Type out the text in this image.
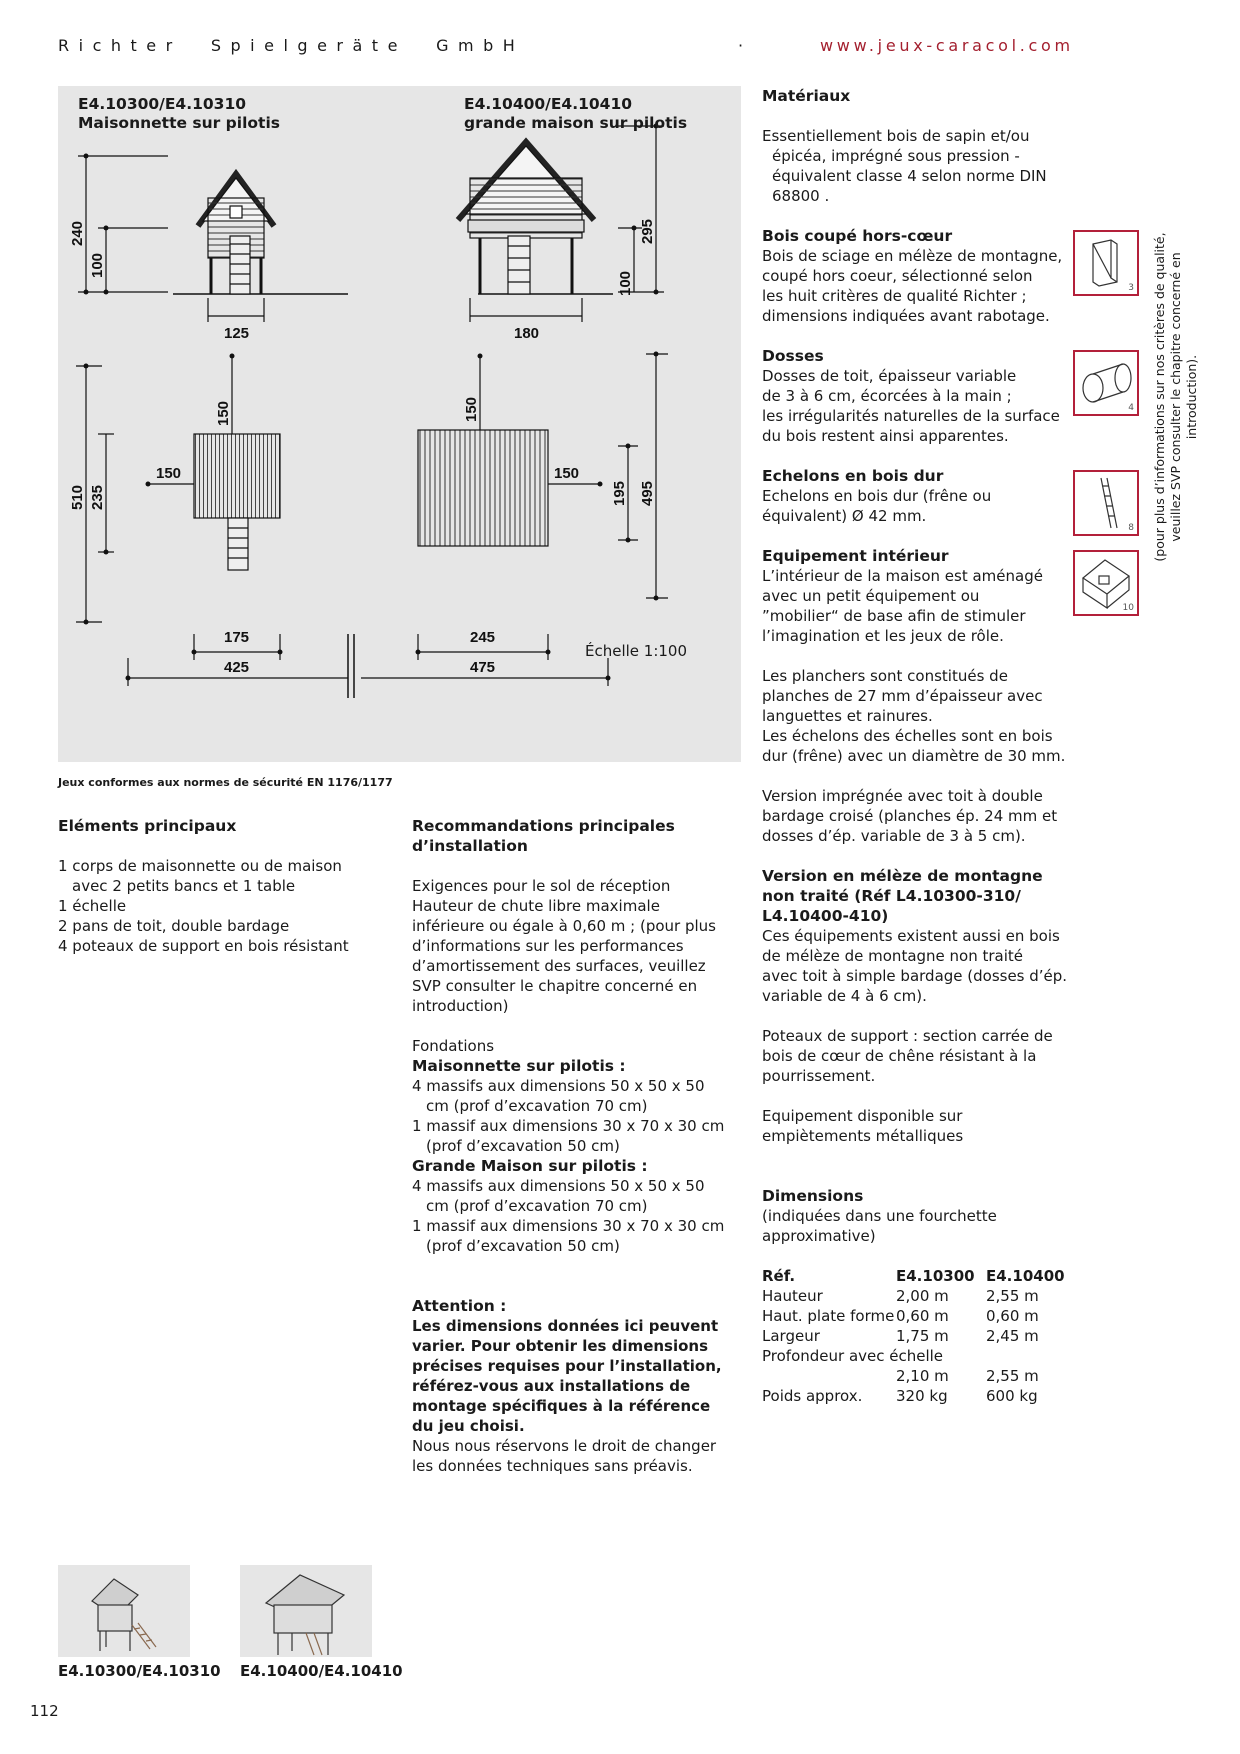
Richter  Spielgeräte  GmbH	·	www.jeux-caracol.com
240
100
125	180
295
100
150	150
150	150
510 235	195 495
175	245
425	475
E4.10300/E4.10310
Maisonnette sur pilotis
E4.10400/E4.10410
grande maison sur pilotis
Échelle 1:100
Jeux conformes aux normes de sécurité EN 1176/1177
Eléments principaux

1 corps de maisonnette ou de maison avec 2 petits bancs et 1 table

1 échelle

2 pans de toit, double bardage

4 poteaux de support en bois résistant

Recommandations principales d’installation

Exigences pour le sol de réception
Hauteur de chute libre maximale inférieure ou égale à 0,60 m ; (pour plus d’informations sur les performances d’amortissement des surfaces, veuillez SVP consulter le chapitre concerné en introduction)

Fondations

Maisonnette sur pilotis :

4 massifs aux dimensions 50 x 50 x 50 cm (prof d’excavation 70 cm)

1 massif aux dimensions 30 x 70 x 30 cm (prof d’excavation 50 cm)

Grande Maison sur pilotis :

4 massifs aux dimensions 50 x 50 x 50 cm (prof d’excavation 70 cm)

1 massif aux dimensions 30 x 70 x 30 cm (prof d’excavation 50 cm)

Attention :

Les dimensions données ici peuvent varier. Pour obtenir les dimensions précises requises pour l’installation, référez-vous aux installations de montage spécifiques à la référence du jeu choisi.

Nous nous réservons le droit de changer les données techniques sans préavis.

Matériaux

Essentiellement bois de sapin et/ou épicéa, imprégné sous pression - équivalent classe 4 selon norme DIN 68800 .

Bois coupé hors-cœur

Bois de sciage en mélèze de montagne,
coupé hors coeur, sélectionné selon
les huit critères de qualité Richter ;
dimensions indiquées avant rabotage.

Dosses

Dosses de toit, épaisseur variable
de 3 à 6 cm, écorcées à la main ;
les irrégularités naturelles de la surface
du bois restent ainsi apparentes.

Echelons en bois dur

Echelons en bois dur (frêne ou
équivalent) Ø 42 mm.

Equipement intérieur

L’intérieur de la maison est aménagé
avec un petit équipement ou
”mobilier“ de base afin de stimuler
l’imagination et les jeux de rôle.

Les planchers sont constitués de
planches de 27 mm d’épaisseur avec
languettes et rainures.
Les échelons des échelles sont en bois
dur (frêne) avec un diamètre de 30 mm.

Version imprégnée avec toit à double
bardage croisé (planches ép. 24 mm et
dosses d’ép. variable de 3 à 5 cm).

Version en mélèze de montagne
non traité (Réf L4.10300-310/
L4.10400-410)

Ces équipements existent aussi en bois
de mélèze de montagne non traité
avec toit à simple bardage (dosses d’ép.
variable de 4 à 6 cm).

Poteaux de support : section carrée de
bois de cœur de chêne résistant à la
pourrissement.

Equipement disponible sur
empiètements métalliques

Dimensions

(indiquées dans une fourchette approximative)

Réf.	E4.10300	E4.10400
Hauteur	2,00 m	2,55 m
Haut. plate forme	0,60 m	0,60 m
Largeur	1,75 m	2,45 m
Profondeur avec échelle		
	2,10 m	2,55 m
Poids approx.	320 kg	600 kg
3
4
8
10
(pour plus d’informations sur nos critères de qualité, veuillez SVP consulter le chapitre concerné en introduction).
E4.10300/E4.10310 E4.10400/E4.10410
112
